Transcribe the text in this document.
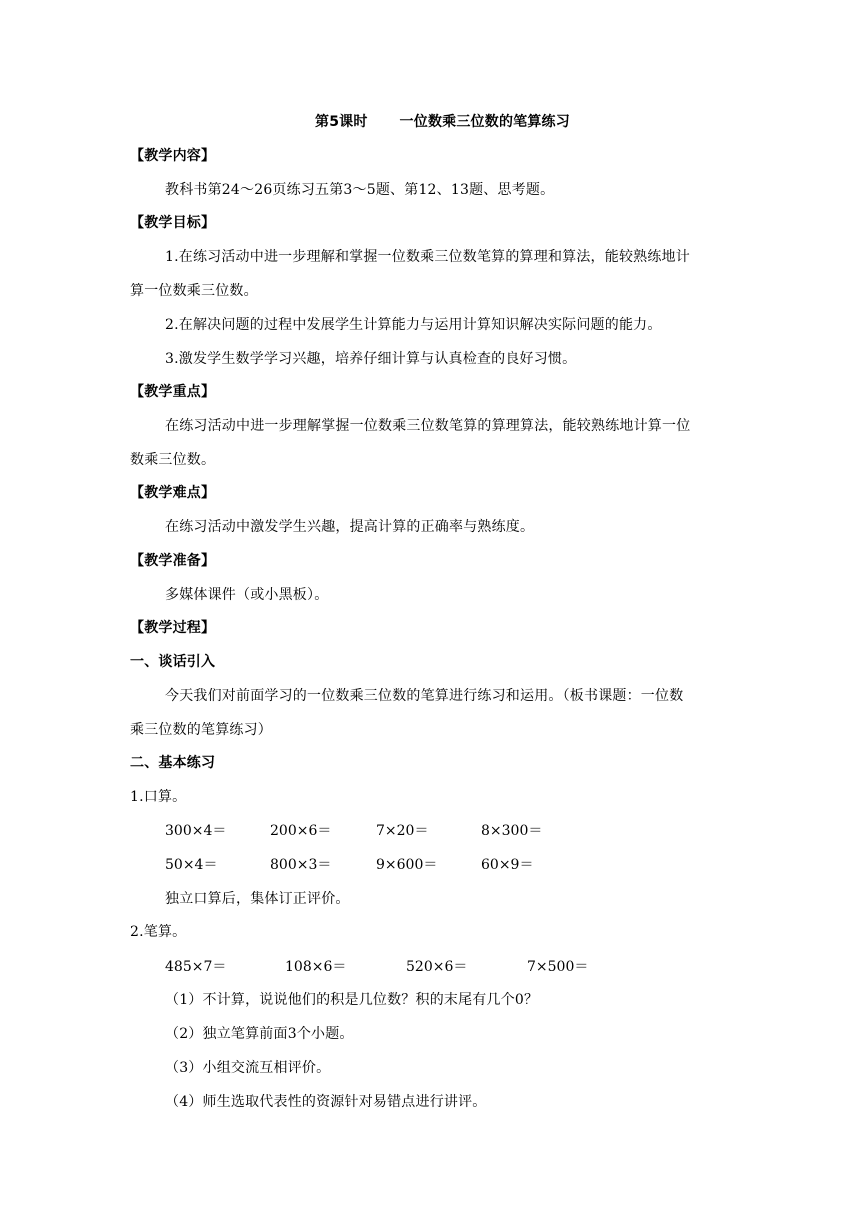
第5课时 一位数乘三位数的笔算练习
【教学内容】
教科书第24～26页练习五第3～5题、第12、13题、思考题。
【教学目标】
1.在练习活动中进一步理解和掌握一位数乘三位数笔算的算理和算法，能较熟练地计
算一位数乘三位数。
2.在解决问题的过程中发展学生计算能力与运用计算知识解决实际问题的能力。
3.激发学生数学学习兴趣，培养仔细计算与认真检查的良好习惯。
【教学重点】
在练习活动中进一步理解掌握一位数乘三位数笔算的算理算法，能较熟练地计算一位
数乘三位数。
【教学难点】
在练习活动中激发学生兴趣，提高计算的正确率与熟练度。
【教学准备】
多媒体课件（或小黑板）。
【教学过程】
一、谈话引入
今天我们对前面学习的一位数乘三位数的笔算进行练习和运用。（板书课题：一位数
乘三位数的笔算练习）
二、基本练习
1.口算。
300×4＝	200×6＝	7×20＝	8×300＝
50×4＝	800×3＝	9×600＝	60×9＝
独立口算后，集体订正评价。
2.笔算。
485×7＝	108×6＝	520×6＝	7×500＝
（1）不计算，说说他们的积是几位数？积的末尾有几个0？
（2）独立笔算前面3个小题。
（3）小组交流互相评价。
（4）师生选取代表性的资源针对易错点进行讲评。
